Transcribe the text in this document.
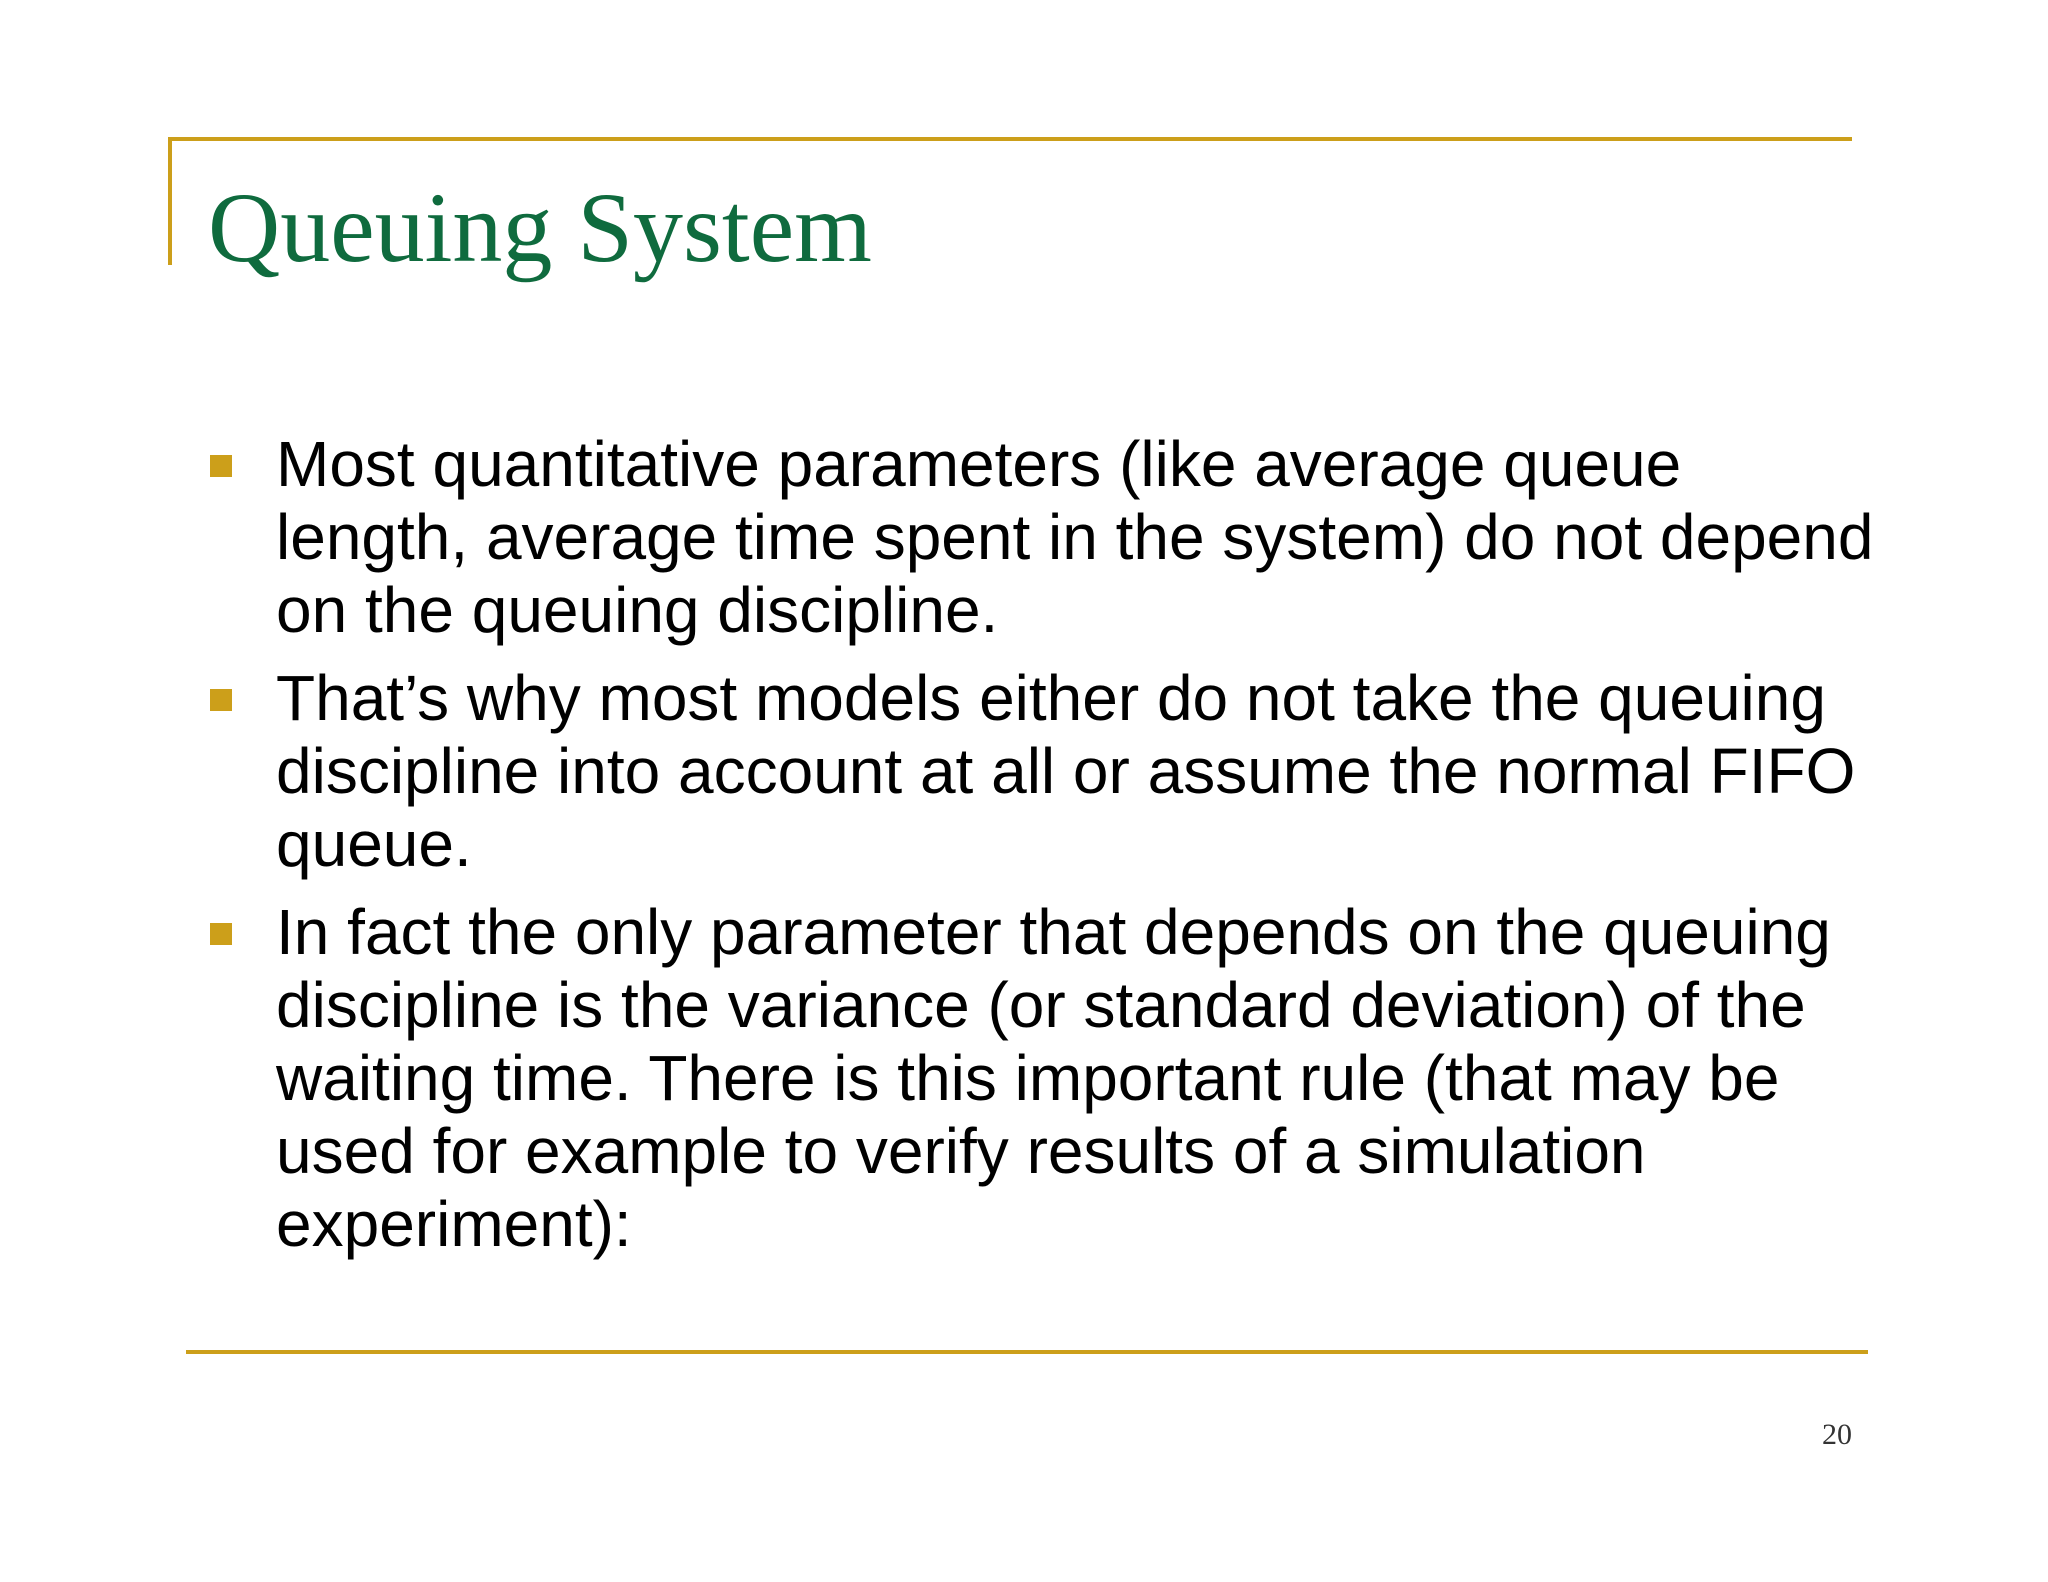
Queuing System
Most quantitative parameters (like average queue length, average time spent in the system) do not depend on the queuing discipline.
That’s why most models either do not take the queuing discipline into account at all or assume the normal FIFO queue.
In fact the only parameter that depends on the queuing discipline is the variance (or standard deviation) of the waiting time. There is this important rule (that may be used for example to verify results of a simulation experiment):
20
